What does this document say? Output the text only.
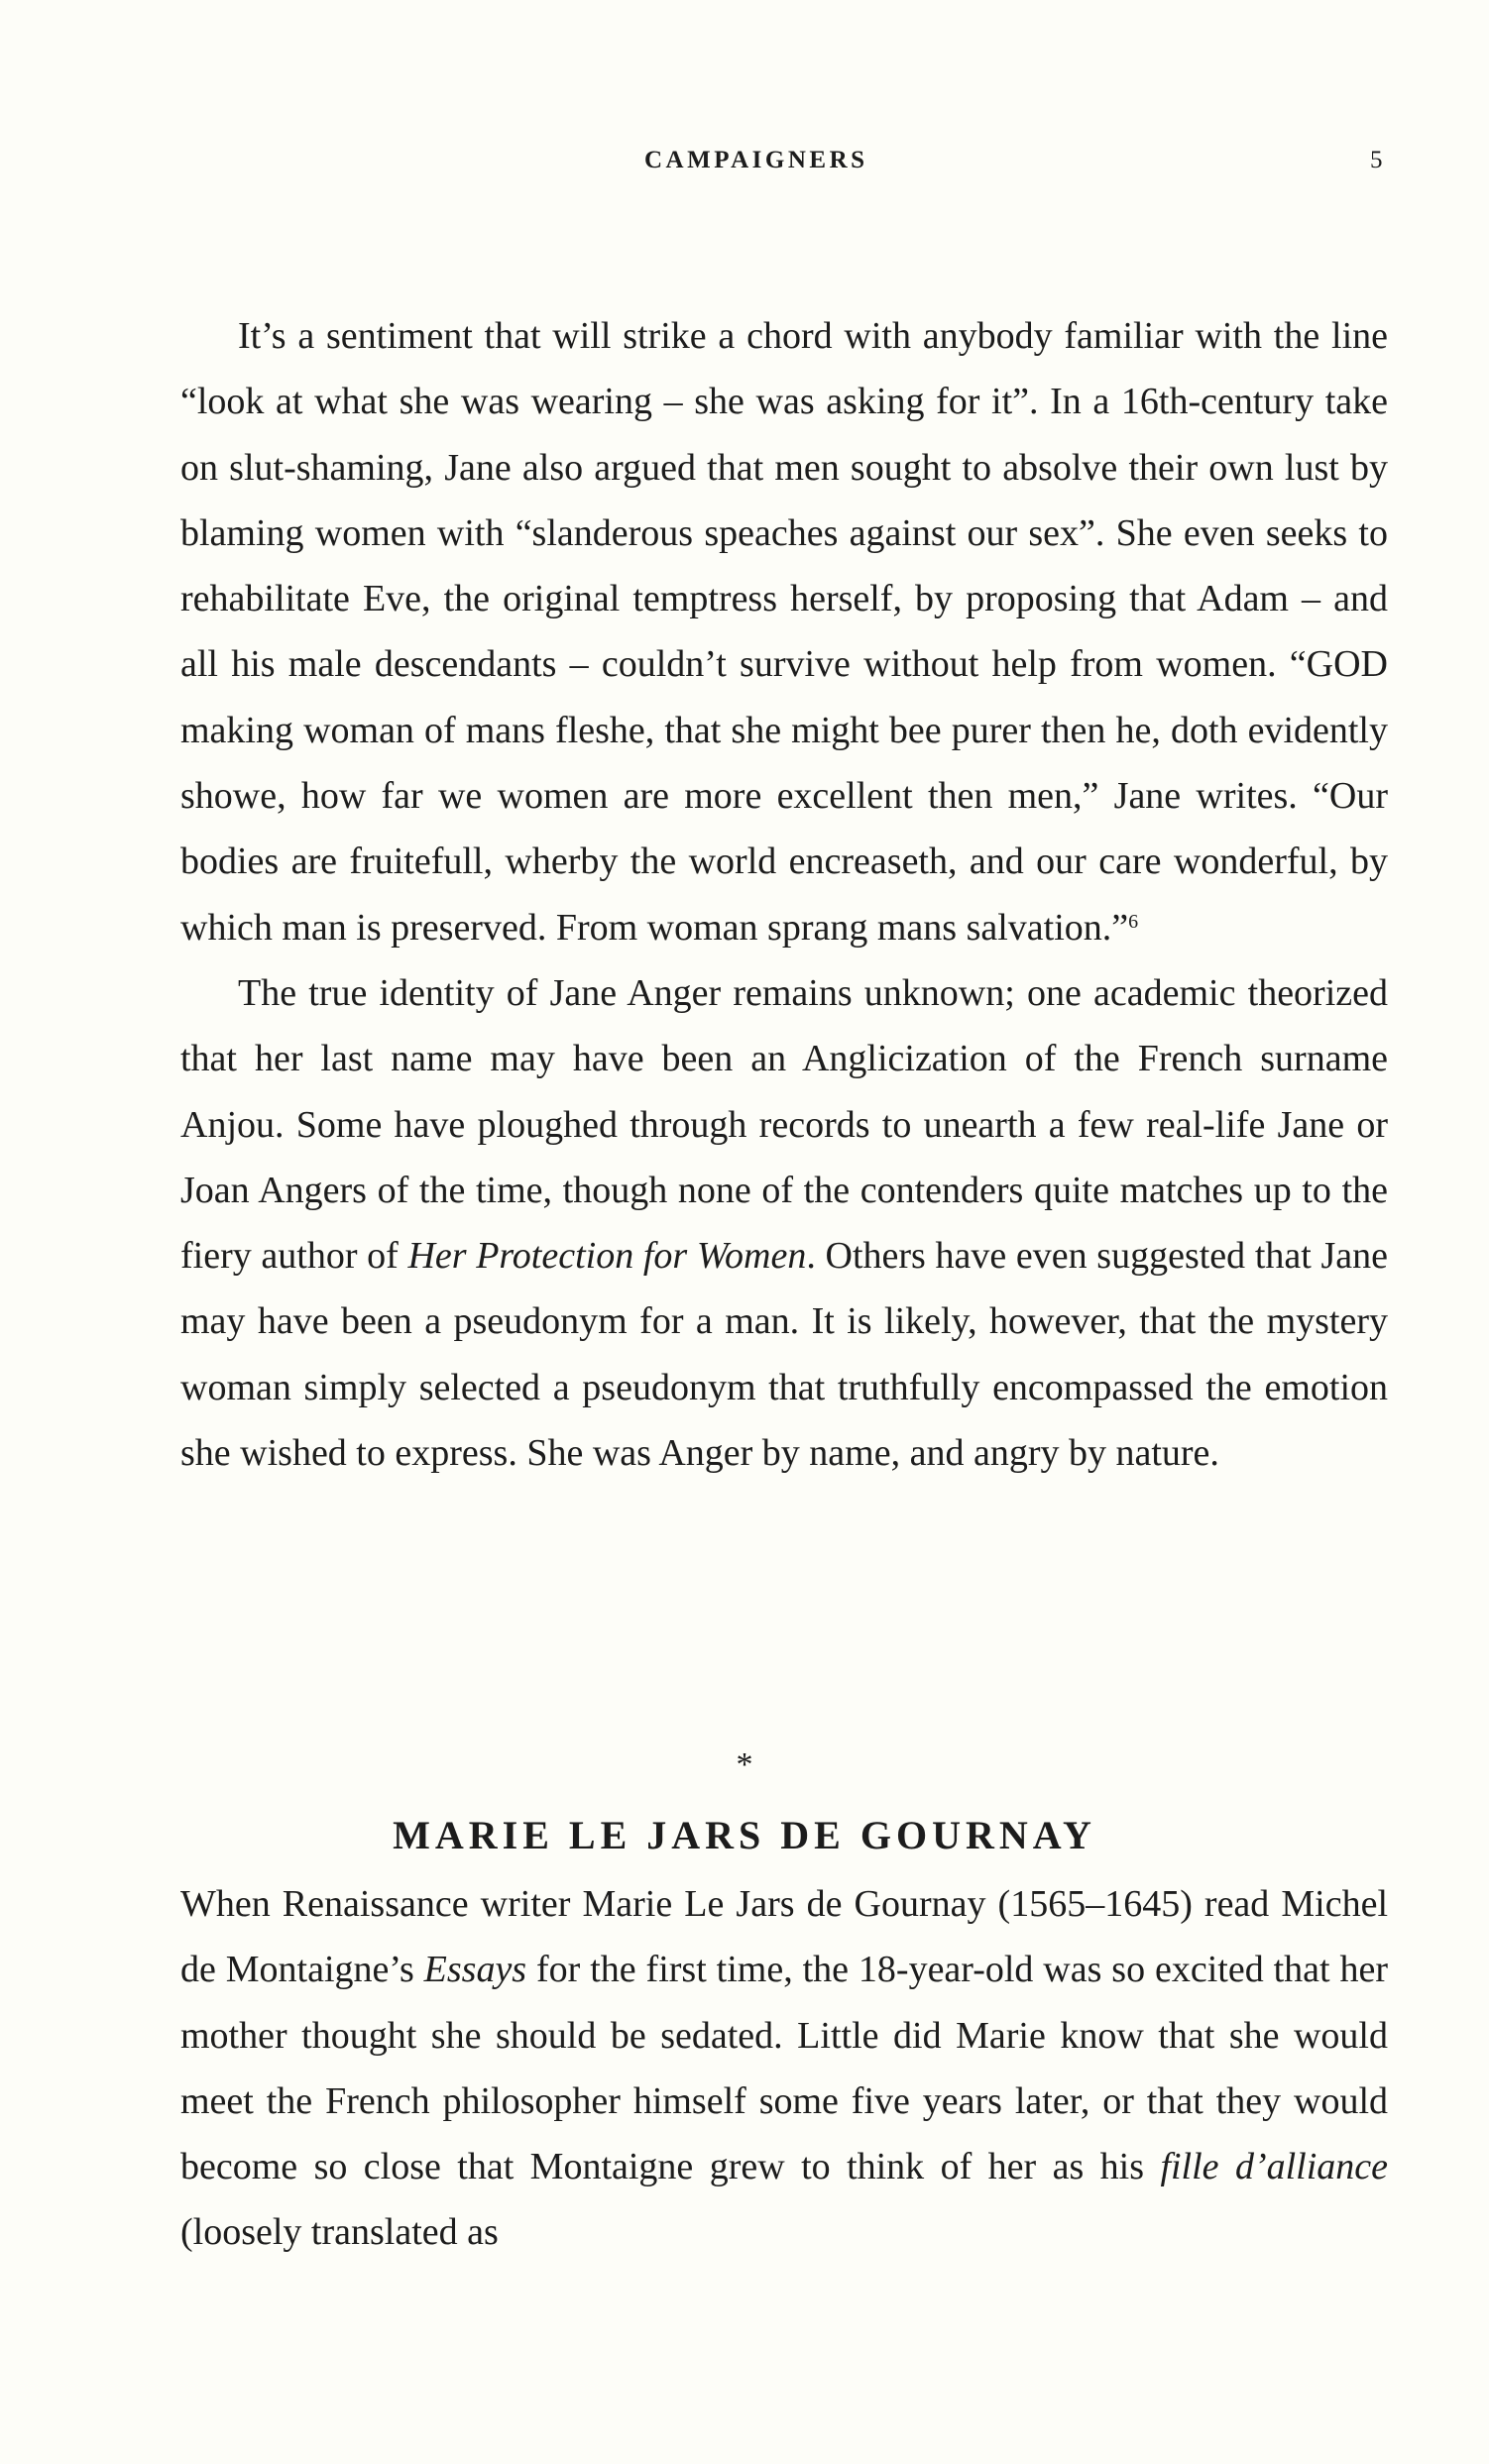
CAMPAIGNERS	5

It’s a sentiment that will strike a chord with anybody familiar with the line “look at what she was wearing – she was asking for it”. In a 16th-century take on slut-shaming, Jane also argued that men sought to absolve their own lust by blaming women with “slanderous speaches against our sex”. She even seeks to rehabilitate Eve, the original temptress herself, by proposing that Adam – and all his male descendants – couldn’t survive without help from women. “GOD making woman of mans fleshe, that she might bee purer then he, doth evidently showe, how far we women are more excellent then men,” Jane writes. “Our bodies are fruitefull, wherby the world encreaseth, and our care wonderful, by which man is preserved. From woman sprang mans salvation.”$^6$

The true identity of Jane Anger remains unknown; one academic theorized that her last name may have been an Anglicization of the French surname Anjou. Some have ploughed through records to unearth a few real-life Jane or Joan Angers of the time, though none of the contenders quite matches up to the fiery author of Her Protection for Women. Others have even suggested that Jane may have been a pseudonym for a man. It is likely, however, that the mystery woman simply selected a pseudonym that truthfully encompassed the emotion she wished to express. She was Anger by name, and angry by nature.

*
MARIE LE JARS DE GOURNAY

When Renaissance writer Marie Le Jars de Gournay (1565–1645) read Michel de Montaigne’s Essays for the first time, the 18-year-old was so excited that her mother thought she should be sedated. Little did Marie know that she would meet the French philosopher himself some five years later, or that they would become so close that Montaigne grew to think of her as his fille d’alliance (loosely translated as
